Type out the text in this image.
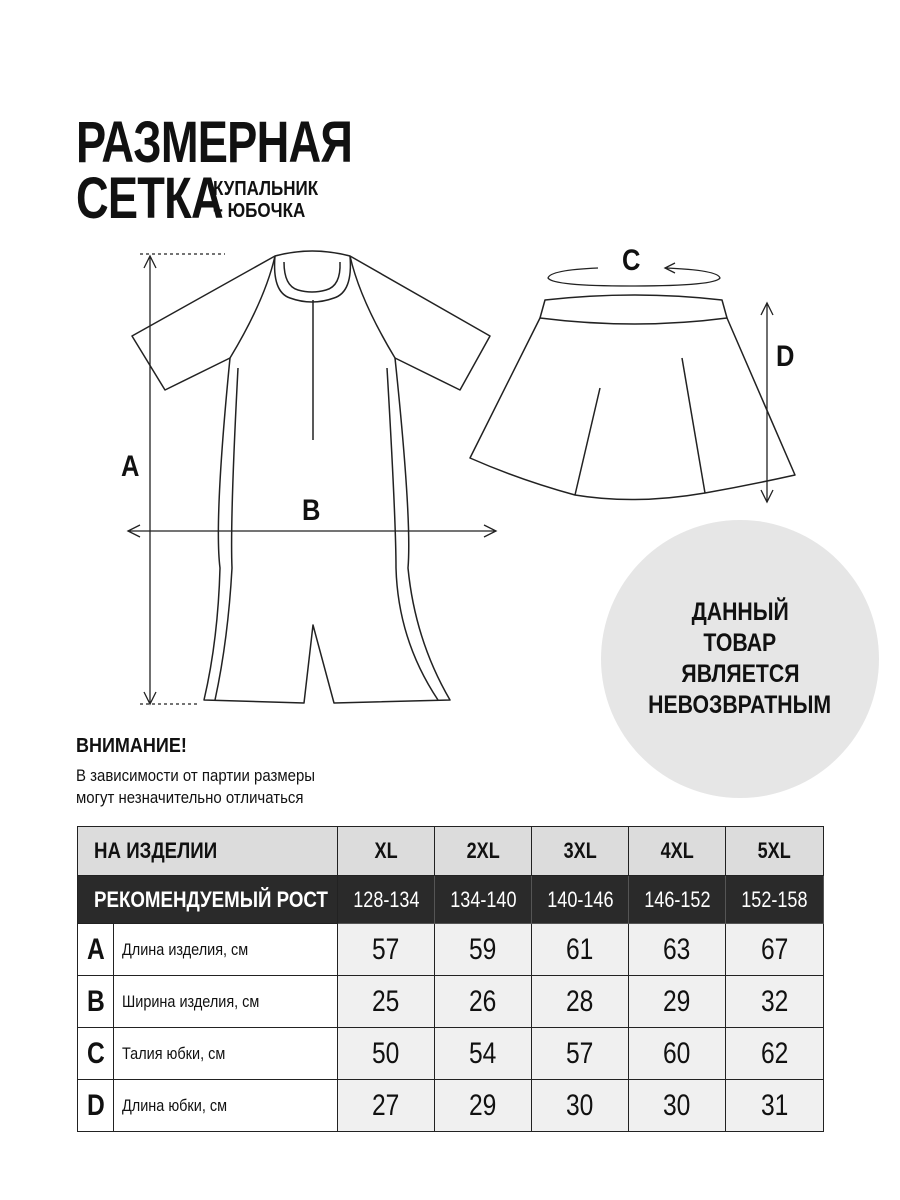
РАЗМЕРНАЯ
СЕТКА
КУПАЛЬНИК
+ ЮБОЧКА
A
B
C
D
ДАННЫЙ
ТОВАР
ЯВЛЯЕТСЯ
НЕВОЗВРАТНЫМ
ВНИМАНИЕ!
В зависимости от партии размеры
могут незначительно отличаться
НА ИЗДЕЛИИ		XL	2XL	3XL	4XL	5XL
РЕКОМЕНДУЕМЫЙ РОСТ		128-134	134-140	140-146	146-152	152-158
A	Длина изделия, см	57	59	61	63	67
B	Ширина изделия, см	25	26	28	29	32
C	Талия юбки, см	50	54	57	60	62
D	Длина юбки, см	27	29	30	30	31
